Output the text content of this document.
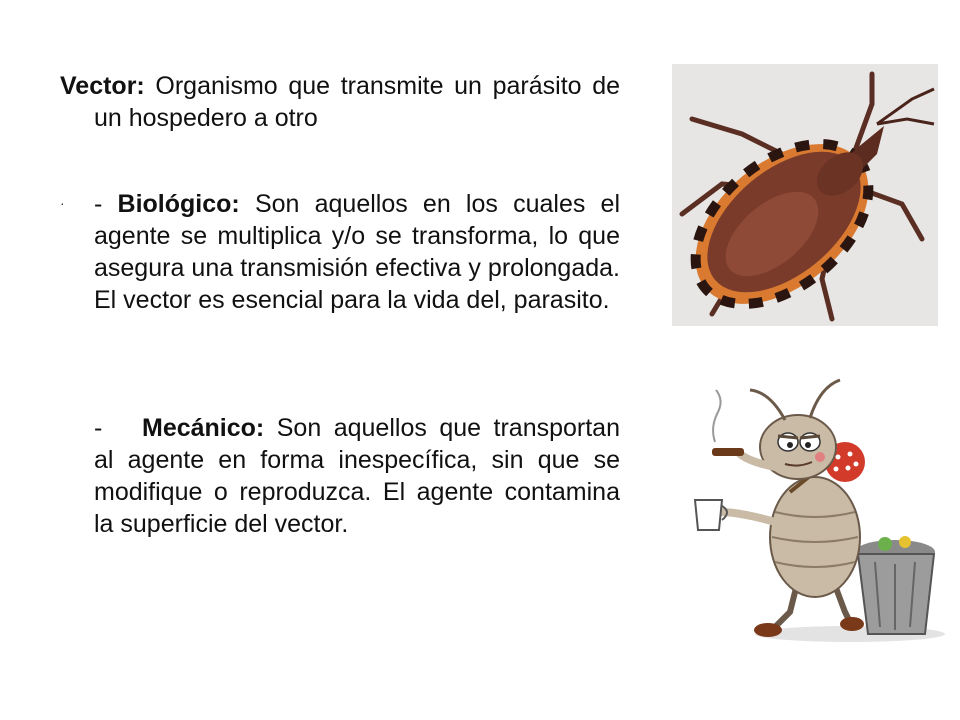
Vector: Organismo que transmite un parásito de un hospedero a otro

· - Biológico: Son aquellos en los cuales el agente se multiplica y/o se transforma, lo que asegura una transmisión efectiva y prolongada. El vector es esencial para la vida del, parasito.

- Mecánico: Son aquellos que transportan al agente en forma inespecífica, sin que se modifique o reproduzca. El agente contamina la superficie del vector.
